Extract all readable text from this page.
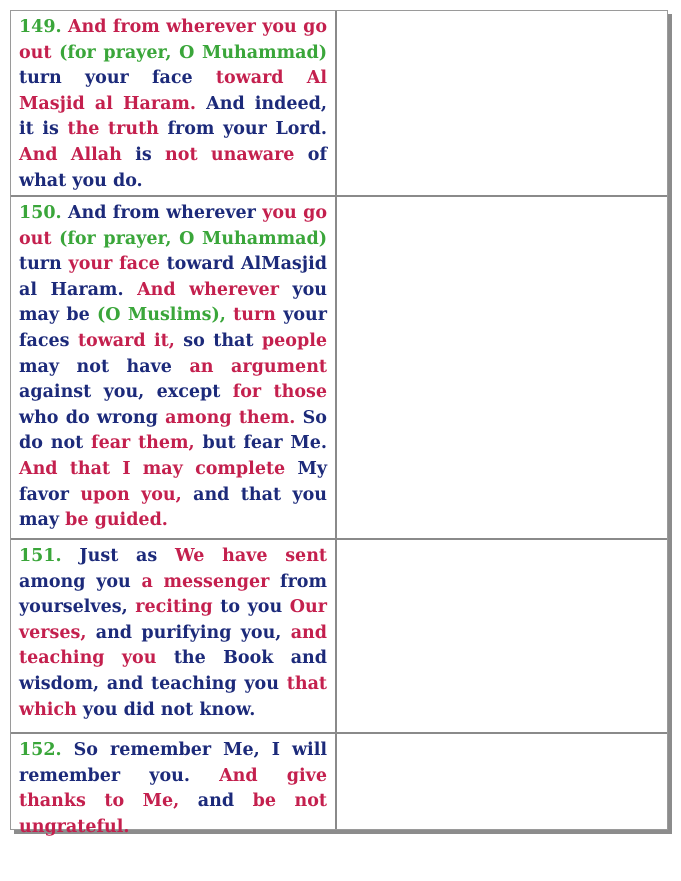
149. And from wherever you go out (for prayer, O Muhammad) turn your face toward Al Masjid al Haram. And indeed, it is the truth from your Lord. And Allah is not unaware of what you do.
150. And from wherever you go out (for prayer, O Muhammad) turn your face toward AlMasjid al Haram. And wherever you may be (O Muslims), turn your faces toward it, so that people may not have an argument against you, except for those who do wrong among them. So do not fear them, but fear Me. And that I may complete My favor upon you, and that you may be guided.
151. Just as We have sent among you a messenger from yourselves, reciting to you Our verses, and purifying you, and teaching you the Book and wisdom, and teaching you that which you did not know.
152. So remember Me, I will remember you. And give thanks to Me, and be not ungrateful.
